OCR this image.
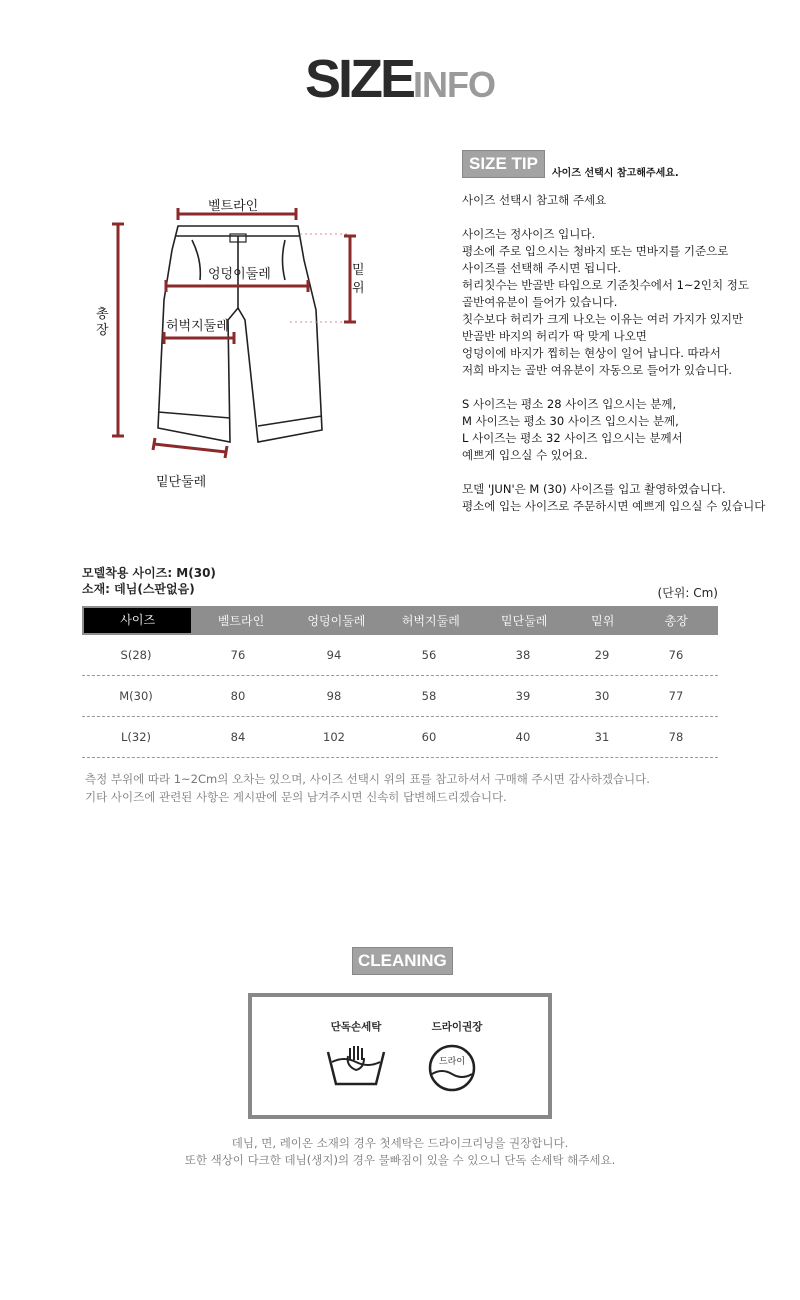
SIZEINFO
벨트라인
엉덩이둘레
허벅지둘레
밑단둘레
밑
위
총
장
SIZE TIP
사이즈 선택시 참고해주세요.

사이즈 선택시 참고해 주세요

사이즈는 정사이즈 입니다.

평소에 주로 입으시는 청바지 또는 면바지를 기준으로

사이즈를 선택해 주시면 됩니다.

허리칫수는 반골반 타입으로 기준칫수에서 1~2인치 정도

골반여유분이 들어가 있습니다.

칫수보다 허리가 크게 나오는 이유는 여러 가지가 있지만

반골반 바지의 허리가 딱 맞게 나오면

엉덩이에 바지가 찝히는 현상이 일어 납니다. 따라서

저희 바지는 골반 여유분이 자동으로 들어가 있습니다.

S 사이즈는 평소 28 사이즈 입으시는 분께,

M 사이즈는 평소 30 사이즈 입으시는 분께,

L 사이즈는 평소 32 사이즈 입으시는 분께서

예쁘게 입으실 수 있어요.

모델 'JUN'은 M (30) 사이즈를 입고 촬영하였습니다.

평소에 입는 사이즈로 주문하시면 예쁘게 입으실 수 있습니다

모델착용 사이즈: M(30)
소재: 데님(스판없음)	(단위: Cm)
사이즈	벨트라인	엉덩이둘레	허벅지둘레	밑단둘레	밑위	총장
S(28)	76	94	56	38	29	76
M(30)	80	98	58	39	30	77
L(32)	84	102	60	40	31	78

측정 부위에 따라 1~2Cm의 오차는 있으며, 사이즈 선택시 위의 표를 참고하셔서 구매해 주시면 감사하겠습니다.

기타 사이즈에 관련된 사항은 게시판에 문의 남겨주시면 신속히 답변해드리겠습니다.

CLEANING
단독손세탁	드라이권장
드라이

데님, 면, 레이온 소재의 경우 첫세탁은 드라이크리닝을 권장합니다.

또한 색상이 다크한 데님(생지)의 경우 물빠짐이 있을 수 있으니 단독 손세탁 해주세요.
